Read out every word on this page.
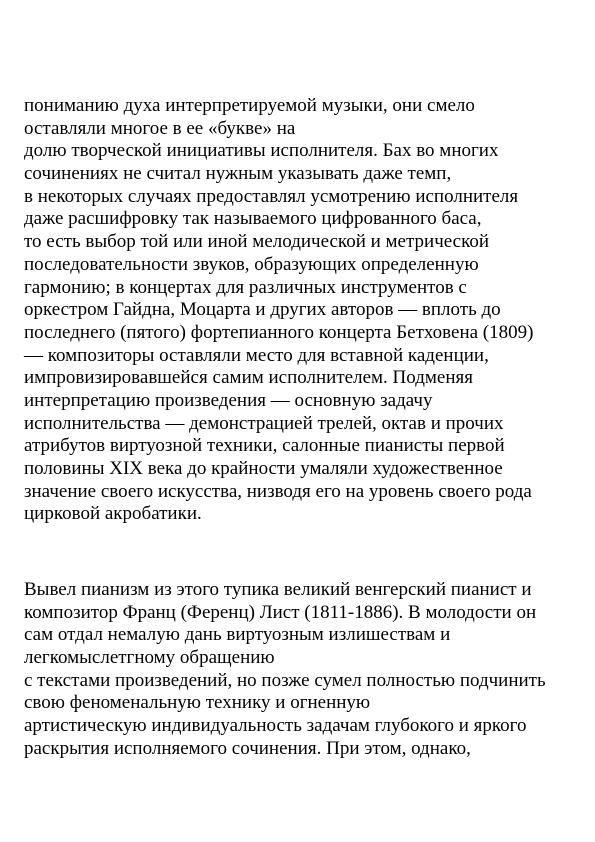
пониманию духа интерпретируемой музыки, они смело
оставляли многое в ее «букве» на
долю творческой инициативы исполнителя. Бах во многих
сочинениях не считал нужным указывать даже темп,
в некоторых случаях предоставлял усмотрению исполнителя
даже расшифровку так называемого цифрованного баса,
то есть выбор той или иной мелодической и метрической
последовательности звуков, образующих определенную
гармонию; в концертах для различных инструментов с
оркестром Гайдна, Моцарта и других авторов — вплоть до
последнего (пятого) фортепианного концерта Бетховена (1809)
— композиторы оставляли место для вставной каденции,
импровизировавшейся самим исполнителем. Подменяя
интерпретацию произведения — основную задачу
исполнительства — демонстрацией трелей, октав и прочих
атрибутов виртуозной техники, салонные пианисты первой
половины XIX века до крайности умаляли художественное
значение своего искусства, низводя его на уровень своего рода
цирковой акробатики.
Вывел пианизм из этого тупика великий венгерский пианист и
композитор Франц (Ференц) Лист (1811-1886). В молодости он
сам отдал немалую дань виртуозным излишествам и
легкомыслетгному обращению
с текстами произведений, но позже сумел полностью подчинить
свою феноменальную технику и огненную
артистическую индивидуальность задачам глубокого и яркого
раскрытия исполняемого сочинения. При этом, однако,
